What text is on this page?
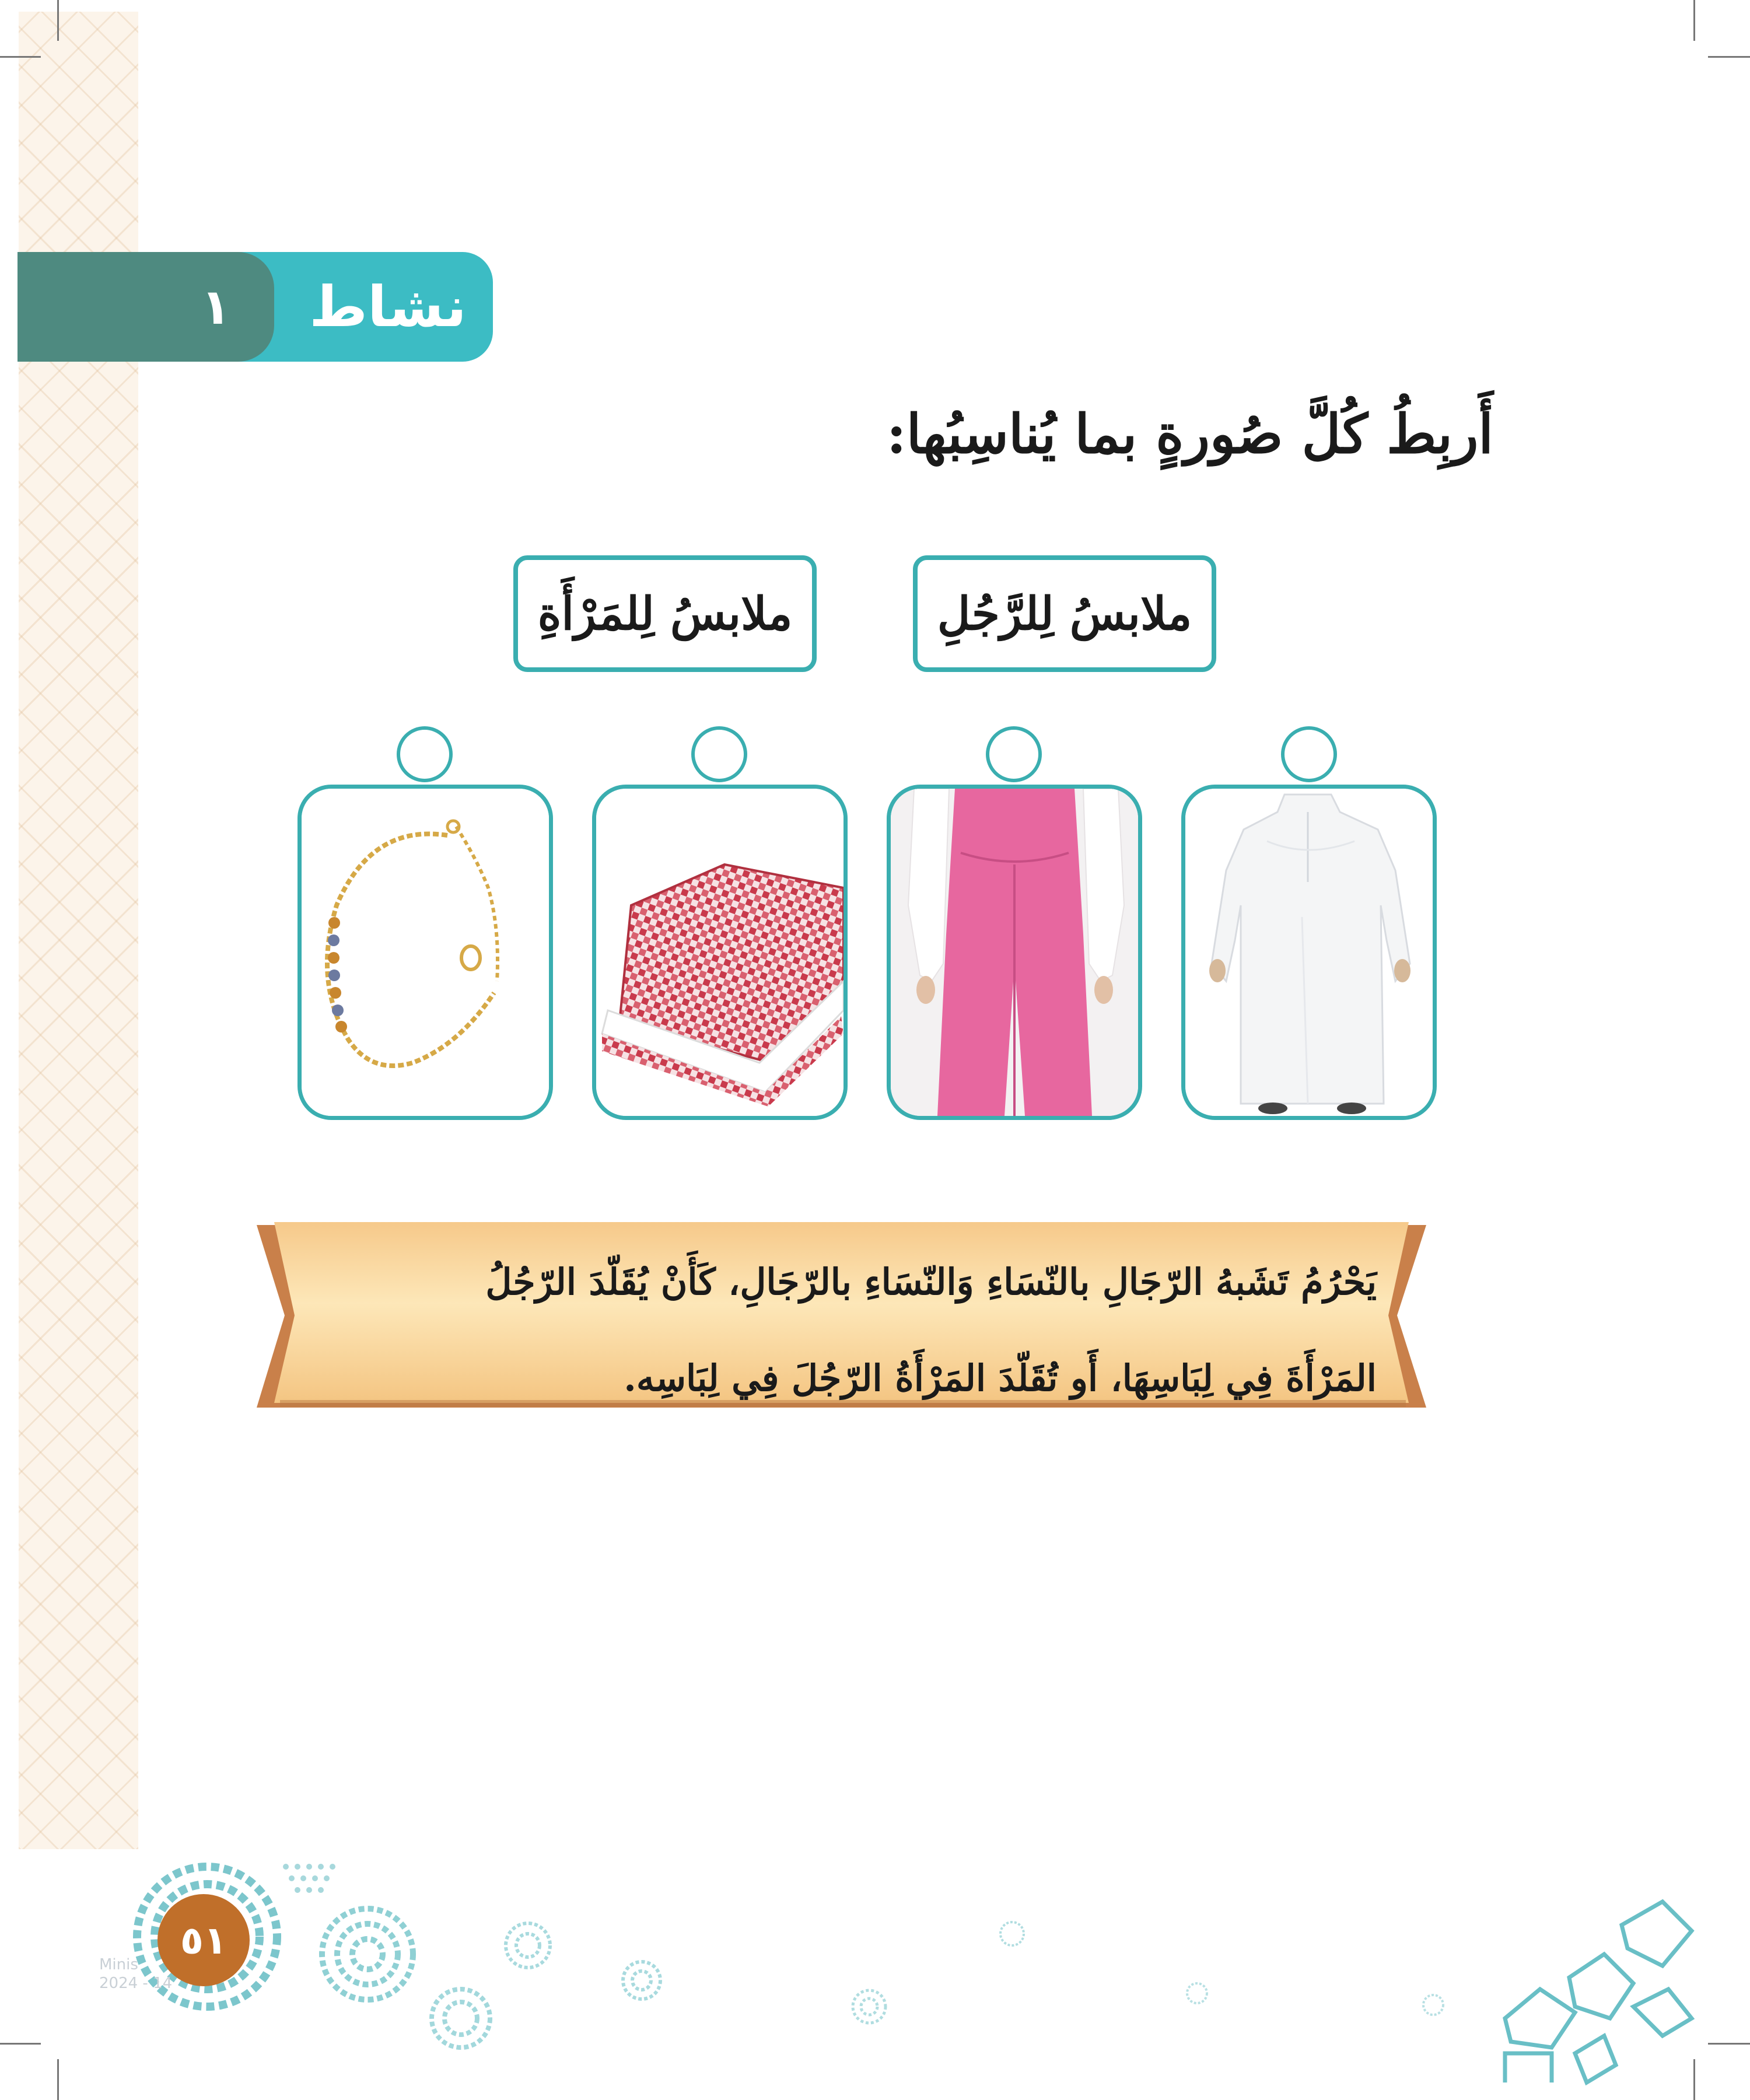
نشاط
١
أَربِطُ كُلَّ صُورةٍ بما يُناسِبُها:
ملابسُ لِلرَّجُلِ
ملابسُ لِلمَرْأَةِ
يَحْرُمُ تَشَبهُ الرّجَالِ بالنّسَاءِ وَالنّسَاءِ بالرّجَالِ، كَأَنْ يُقَلّدَ الرّجُلُ
المَرْأَةَ فِي لِبَاسِهَا، أَو تُقَلّدَ المَرْأَةُ الرّجُلَ فِي لِبَاسِه.
Minis
2024 - 14
٥١
